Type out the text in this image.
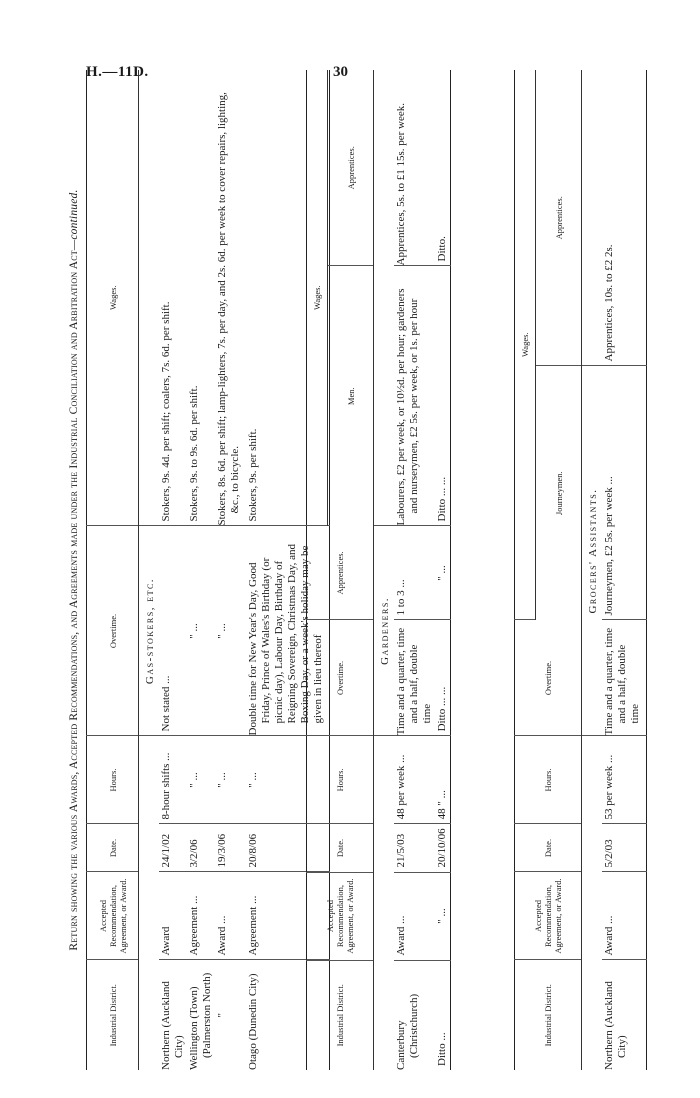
H.—11D.	30
Return showing the various Awards, Accepted Recommendations, and Agreements made under the Industrial Conciliation and Arbitration Act—continued.
Industrial District.	Accepted Recommendation, Agreement, or Award.	Date.	Hours.	Overtime.	Wages.
				Gas-stokers, etc.	
Northern (Auckland City)	Award	24/1/02	8-hour shifts ...	Not stated ...	Stokers, 9s. 4d. per shift; coalers, 7s. 6d. per shift.
Wellington (Town) (Palmerston North)	Agreement ...	3/2/06	" ...	" ...	Stokers, 9s. to 9s. 6d. per shift.
"	Award ...	19/3/06	" ...	" ...	Stokers, 8s. 6d. per shift; lamp-lighters, 7s. per day, and 2s. 6d. per week to cover repairs, lighting, &c., to bicycle.
Otago (Dunedin City)	Agreement ...	20/8/06	" ...	Double time for New Year's Day, Good Friday, Prince of Wales's Birthday (or picnic day), Labour Day, Birthday of Reigning Sovereign, Christmas Day, and Boxing Day, or a week's holiday may be given in lieu thereof	Stokers, 9s. per shift.
Industrial District.	Accepted Recommendation, Agreement, or Award.	Date.	Hours.	Overtime.	Apprentices.	Wages.	
						Men.	Apprentices.
				Gardeners.			
Canterbury (Christchurch)	Award ...	21/5/03	48 per week ...	Time and a quarter, time and a half, double time	1 to 3 ...	Labourers, £2 per week, or 10½d. per hour; gardeners and nurserymen, £2 5s. per week, or 1s. per hour	Apprentices, 5s. to £1 15s. per week.
Ditto ...	" ...	20/10/06	48 " ...	Ditto ... ...	" ...	Ditto ... ...	Ditto.
Industrial District.	Accepted Recommendation, Agreement, or Award.	Date.	Hours.	Overtime.	Wages.	
					Journeymen.	Apprentices.
				Grocers' Assistants.		
Northern (Auckland City)	Award ...	5/2/03	53 per week ...	Time and a quarter, time and a half, double time	Journeymen, £2 5s. per week ...	Apprentices, 10s. to £2 2s.
